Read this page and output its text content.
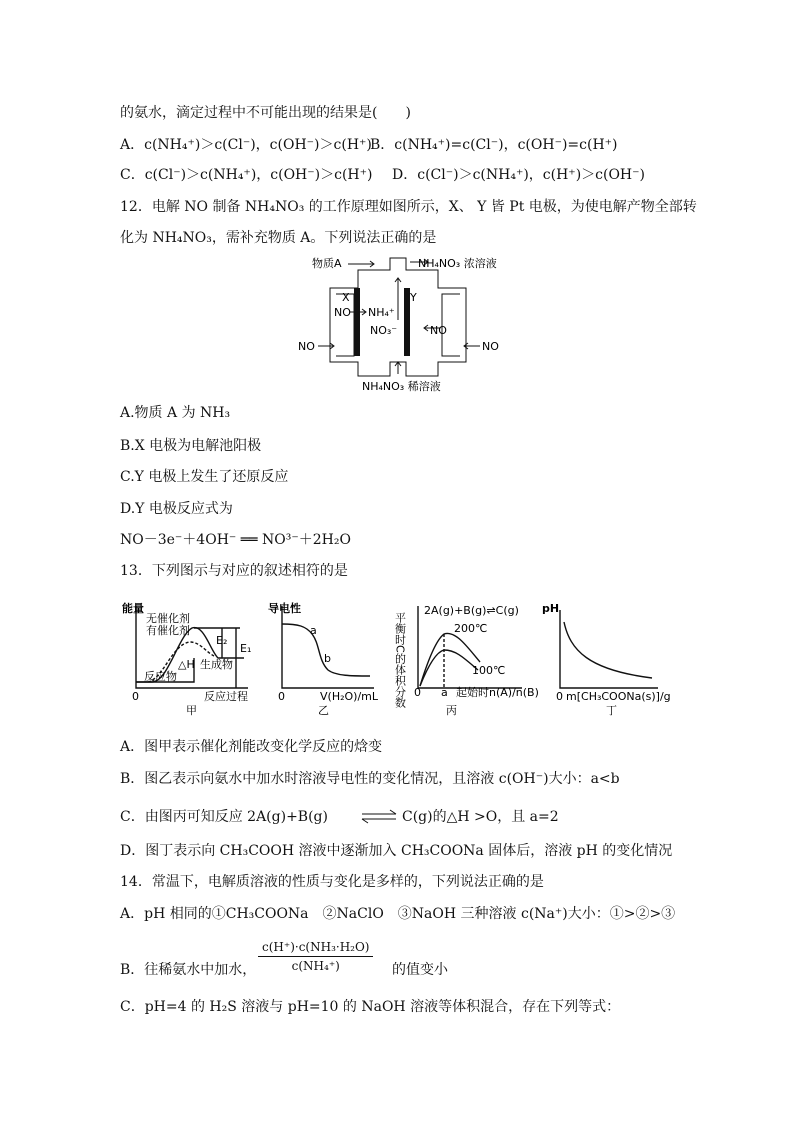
的氨水，滴定过程中不可能出现的结果是(　　)
A．c(NH₄⁺)＞c(Cl⁻)，c(OH⁻)＞c(H⁺)
B．c(NH₄⁺)=c(Cl⁻)，c(OH⁻)=c(H⁺)
C．c(Cl⁻)＞c(NH₄⁺)，c(OH⁻)＞c(H⁺) D．c(Cl⁻)＞c(NH₄⁺)，c(H⁺)＞c(OH⁻)
12．电解 NO 制备 NH₄NO₃ 的工作原理如图所示，X、 Y 皆 Pt 电极，为使电解产物全部转
化为 NH₄NO₃，需补充物质 A。下列说法正确的是
物质A	NH₄NO₃ 浓溶液
X	Y
NO NH₄⁺
NO₃⁻	NO
NO	NO
NH₄NO₃ 稀溶液
A.物质 A 为 NH₃
B.X 电极为电解池阳极
C.Y 电极上发生了还原反应
D.Y 电极反应式为
NO－3e⁻＋4OH⁻ ══ NO³⁻＋2H₂O
13．下列图示与对应的叙述相符的是
能量
无催化剂
有催化剂
E₂
E₁
△H 生成物
反应物
0	反应过程
甲
导电性
a
b
0	V(H₂O)/mL
乙
2A(g)+B(g)⇌C(g)
平衡时C的体积分数	200℃
100℃
0 a 起始时n(A)/n(B)
丙
pH
0 m[CH₃COONa(s)]/g
丁
A．图甲表示催化剂能改变化学反应的焓变
B．图乙表示向氨水中加水时溶液导电性的变化情况，且溶液 c(OH⁻)大小：a<b
C．由图丙可知反应 2A(g)+B(g) ⇌ C(g)的△H >O，且 a=2
D．图丁表示向 CH₃COOH 溶液中逐渐加入 CH₃COONa 固体后，溶液 pH 的变化情况
14．常温下，电解质溶液的性质与变化是多样的，下列说法正确的是
A．pH 相同的①CH₃COONa　②NaClO　③NaOH 三种溶液 c(Na⁺)大小：①>②>③
B．往稀氨水中加水， $\frac{\text{c(H⁺)·c(NH₃·H₂O)}}{\text{c(NH₄⁺)}}$ 的值变小
C．pH=4 的 H₂S 溶液与 pH=10 的 NaOH 溶液等体积混合，存在下列等式：
